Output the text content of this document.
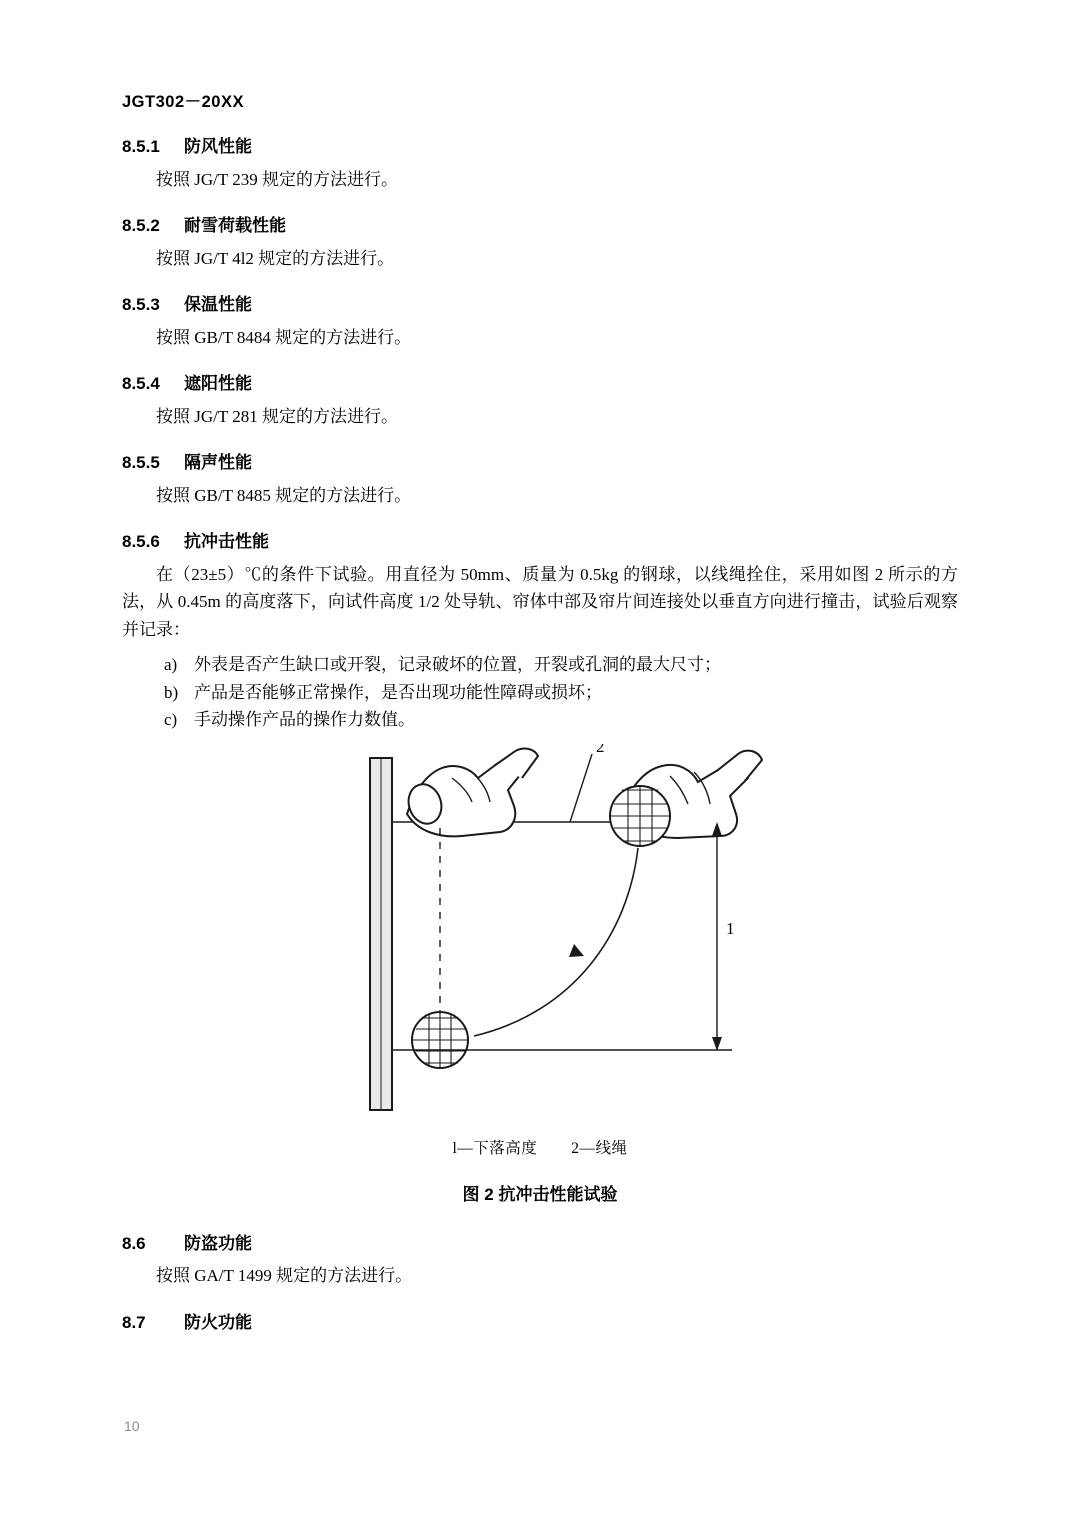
JGT302－20XX
8.5.1 防风性能

按照 JG/T 239 规定的方法进行。

8.5.2 耐雪荷载性能

按照 JG/T 4l2 规定的方法进行。

8.5.3 保温性能

按照 GB/T 8484 规定的方法进行。

8.5.4 遮阳性能

按照 JG/T 281 规定的方法进行。

8.5.5 隔声性能

按照 GB/T 8485 规定的方法进行。

8.5.6 抗冲击性能

在（23±5）℃的条件下试验。用直径为 50mm、质量为 0.5kg 的钢球，以线绳拴住，采用如图 2 所示的方法，从 0.45m 的高度落下，向试件高度 1/2 处导轨、帘体中部及帘片间连接处以垂直方向进行撞击，试验后观察并记录：

a) 外表是否产生缺口或开裂，记录破坏的位置，开裂或孔洞的最大尺寸；

b) 产品是否能够正常操作，是否出现功能性障碍或损坏；

c) 手动操作产品的操作力数值。

2
1
l—下落高度 2—线绳
图 2 抗冲击性能试验
8.6 防盗功能

按照 GA/T 1499 规定的方法进行。

8.7 防火功能
10
